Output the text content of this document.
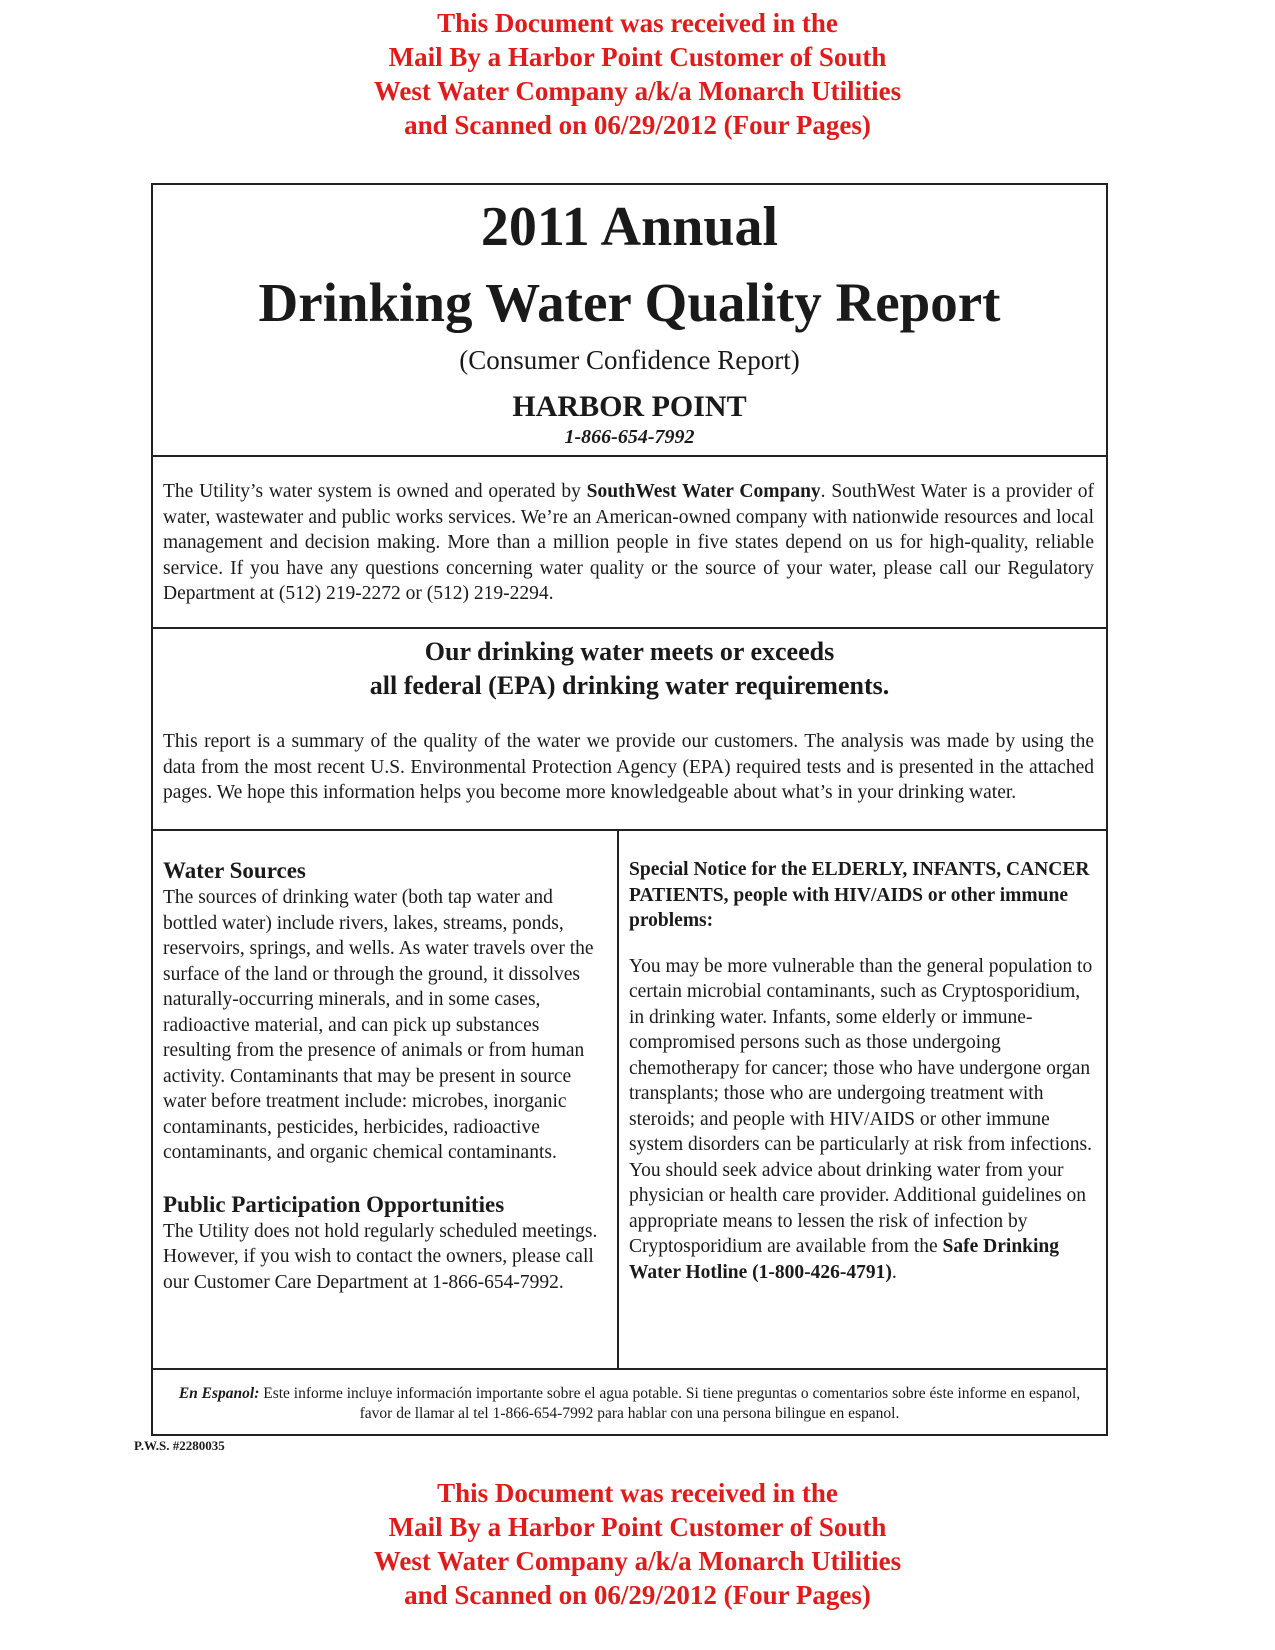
This Document was received in the
Mail By a Harbor Point Customer of South
West Water Company a/k/a Monarch Utilities
and Scanned on 06/29/2012 (Four Pages)
2011 Annual
Drinking Water Quality Report
(Consumer Confidence Report)
HARBOR POINT
1-866-654-7992
The Utility’s water system is owned and operated by SouthWest Water Company. SouthWest Water is a provider of water, wastewater and public works services. We’re an American-owned company with nationwide resources and local management and decision making. More than a million people in five states depend on us for high-quality, reliable service. If you have any questions concerning water quality or the source of your water, please call our Regulatory Department at (512) 219-2272 or (512) 219-2294.
Our drinking water meets or exceeds
all federal (EPA) drinking water requirements.
This report is a summary of the quality of the water we provide our customers. The analysis was made by using the data from the most recent U.S. Environmental Protection Agency (EPA) required tests and is presented in the attached pages. We hope this information helps you become more knowledgeable about what’s in your drinking water.
Water Sources
The sources of drinking water (both tap water and bottled water) include rivers, lakes, streams, ponds, reservoirs, springs, and wells. As water travels over the surface of the land or through the ground, it dissolves naturally-occurring minerals, and in some cases, radioactive material, and can pick up substances resulting from the presence of animals or from human activity. Contaminants that may be present in source water before treatment include: microbes, inorganic contaminants, pesticides, herbicides, radioactive contaminants, and organic chemical contaminants.
Public Participation Opportunities
The Utility does not hold regularly scheduled meetings. However, if you wish to contact the owners, please call our Customer Care Department at 1-866-654-7992.
Special Notice for the ELDERLY, INFANTS, CANCER PATIENTS, people with HIV/AIDS or other immune problems:
You may be more vulnerable than the general population to certain microbial contaminants, such as Cryptosporidium, in drinking water. Infants, some elderly or immune-compromised persons such as those undergoing chemotherapy for cancer; those who have undergone organ transplants; those who are undergoing treatment with steroids; and people with HIV/AIDS or other immune system disorders can be particularly at risk from infections. You should seek advice about drinking water from your physician or health care provider. Additional guidelines on appropriate means to lessen the risk of infection by Cryptosporidium are available from the Safe Drinking Water Hotline (1-800-426-4791).
En Espanol: Este informe incluye información importante sobre el agua potable. Si tiene preguntas o comentarios sobre éste informe en espanol, favor de llamar al tel 1-866-654-7992 para hablar con una persona bilingue en espanol.
P.W.S. #2280035
This Document was received in the
Mail By a Harbor Point Customer of South
West Water Company a/k/a Monarch Utilities
and Scanned on 06/29/2012 (Four Pages)
